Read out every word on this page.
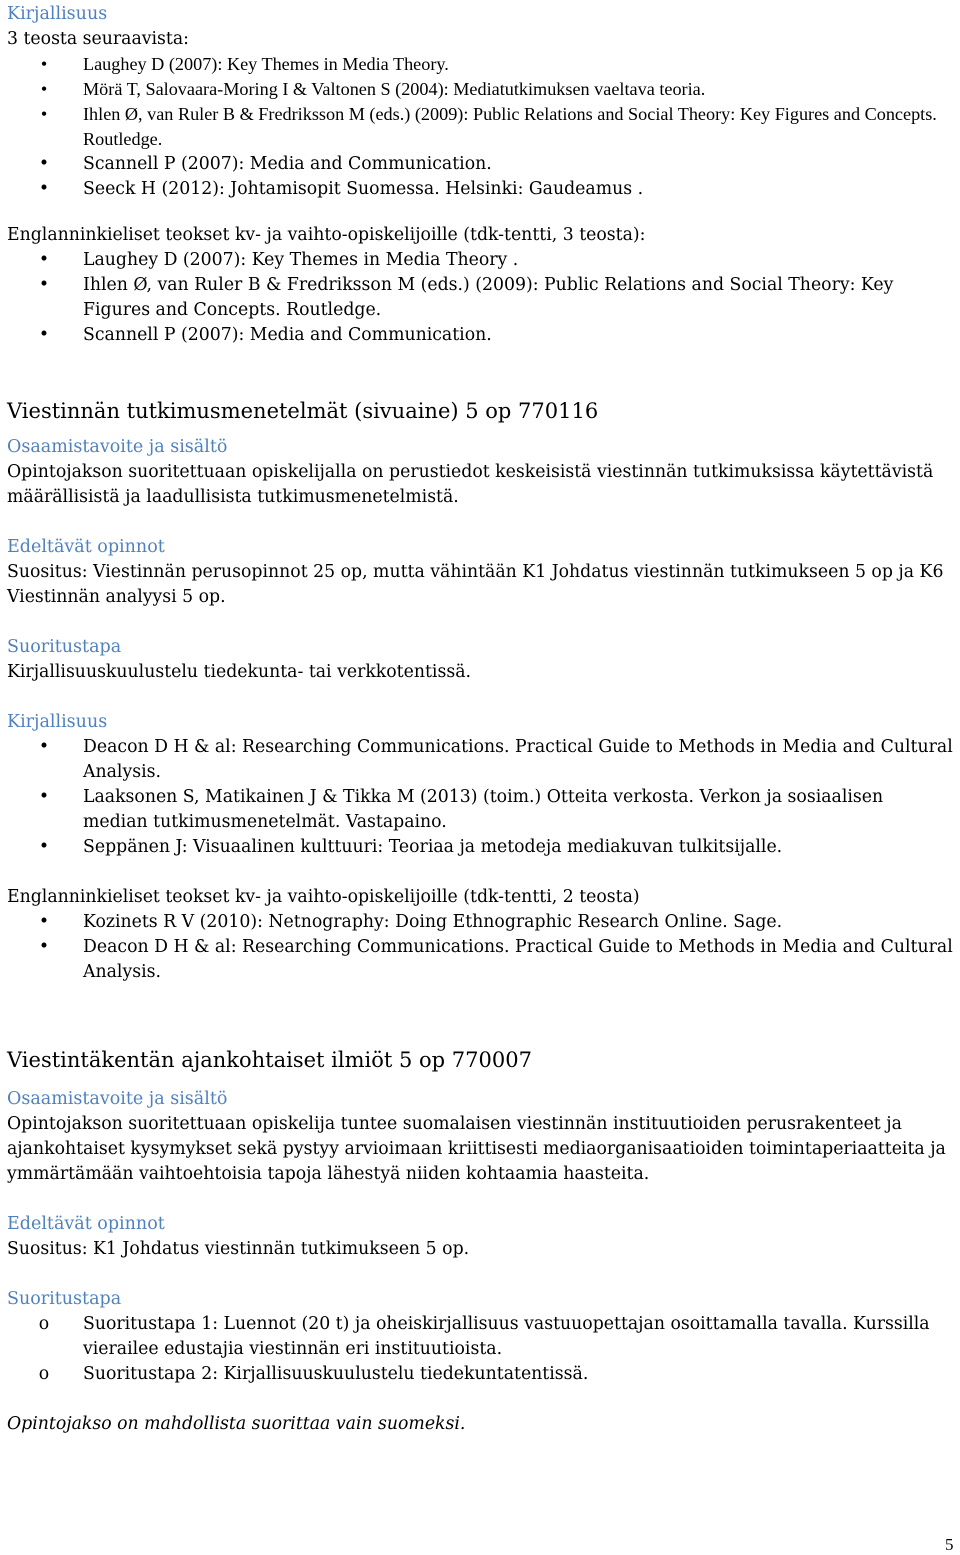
Kirjallisuus

3 teosta seuraavista:

•	Laughey D (2007): Key Themes in Media Theory.
•	Mörä T, Salovaara-Moring I & Valtonen S (2004): Mediatutkimuksen vaeltava teoria.
•	Ihlen Ø, van Ruler B & Fredriksson M (eds.) (2009): Public Relations and Social Theory: Key Figures and Concepts. Routledge.
• Scannell P (2007): Media and Communication.
• Seeck H (2012): Johtamisopit Suomessa. Helsinki: Gaudeamus .

Englanninkieliset teokset kv- ja vaihto-opiskelijoille (tdk-tentti, 3 teosta):

• Laughey D (2007): Key Themes in Media Theory .
• Ihlen Ø, van Ruler B & Fredriksson M (eds.) (2009): Public Relations and Social Theory: Key Figures and Concepts. Routledge.
• Scannell P (2007): Media and Communication.
Viestinnän tutkimusmenetelmät (sivuaine) 5 op 770116

Osaamistavoite ja sisältö

Opintojakson suoritettuaan opiskelijalla on perustiedot keskeisistä viestinnän tutkimuksissa käytettävistä määrällisistä ja laadullisista tutkimusmenetelmistä.

Edeltävät opinnot

Suositus: Viestinnän perusopinnot 25 op, mutta vähintään K1 Johdatus viestinnän tutkimukseen 5 op ja K6 Viestinnän analyysi 5 op.

Suoritustapa

Kirjallisuuskuulustelu tiedekunta- tai verkkotentissä.

Kirjallisuus

• Deacon D H & al: Researching Communications. Practical Guide to Methods in Media and Cultural Analysis.
• Laaksonen S, Matikainen J & Tikka M (2013) (toim.) Otteita verkosta. Verkon ja sosiaalisen median tutkimusmenetelmät. Vastapaino.
• Seppänen J: Visuaalinen kulttuuri: Teoriaa ja metodeja mediakuvan tulkitsijalle.

Englanninkieliset teokset kv- ja vaihto-opiskelijoille (tdk-tentti, 2 teosta)

• Kozinets R V (2010): Netnography: Doing Ethnographic Research Online. Sage.
• Deacon D H & al: Researching Communications. Practical Guide to Methods in Media and Cultural Analysis.
Viestintäkentän ajankohtaiset ilmiöt 5 op 770007

Osaamistavoite ja sisältö

Opintojakson suoritettuaan opiskelija tuntee suomalaisen viestinnän instituutioiden perusrakenteet ja ajankohtaiset kysymykset sekä pystyy arvioimaan kriittisesti mediaorganisaatioiden toimintaperiaatteita ja ymmärtämään vaihtoehtoisia tapoja lähestyä niiden kohtaamia haasteita.

Edeltävät opinnot

Suositus: K1 Johdatus viestinnän tutkimukseen 5 op.

Suoritustapa

o Suoritustapa 1: Luennot (20 t) ja oheiskirjallisuus vastuuopettajan osoittamalla tavalla. Kurssilla vierailee edustajia viestinnän eri instituutioista.
o Suoritustapa 2: Kirjallisuuskuulustelu tiedekuntatentissä.

Opintojakso on mahdollista suorittaa vain suomeksi.

5
